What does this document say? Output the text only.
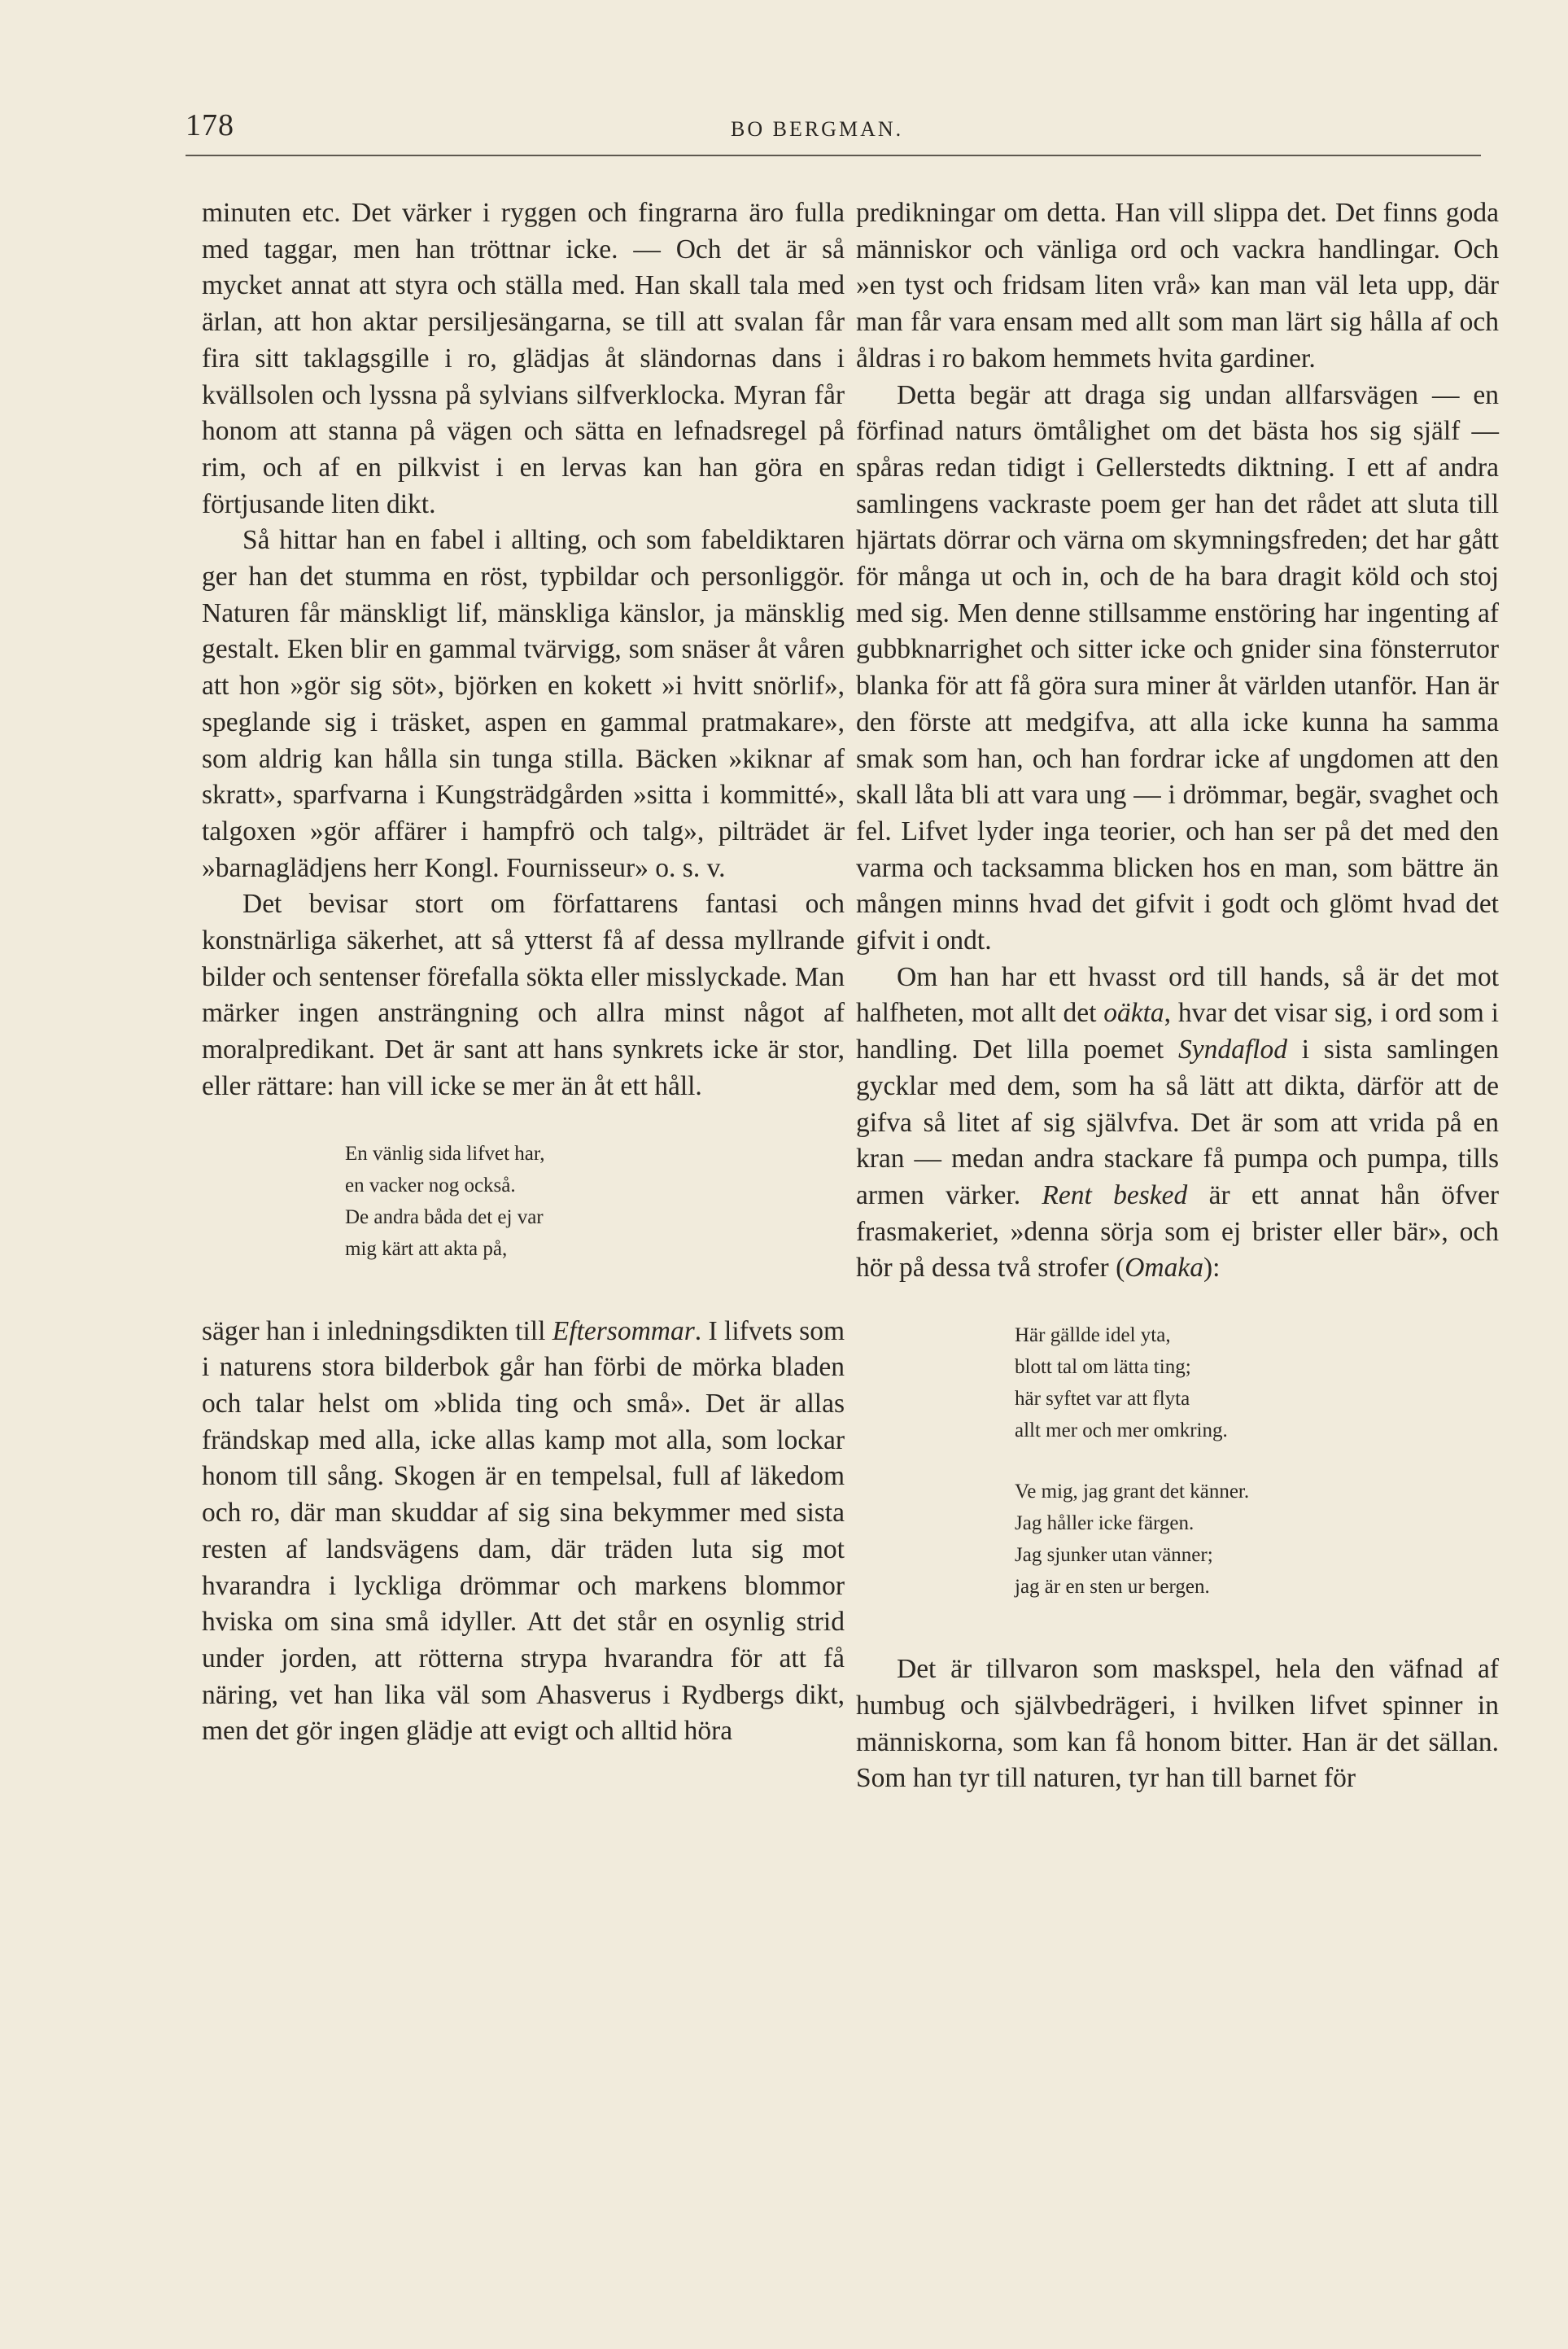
178	BO BERGMAN.

minuten etc. Det värker i ryggen och fingrarna äro fulla med taggar, men han tröttnar icke. — Och det är så mycket annat att styra och ställa med. Han skall tala med ärlan, att hon aktar persiljesängarna, se till att svalan får fira sitt taklagsgille i ro, glädjas åt sländornas dans i kvällsolen och lyssna på sylvians silfverklocka. Myran får honom att stanna på vägen och sätta en lefnadsregel på rim, och af en pilkvist i en lervas kan han göra en förtjusande liten dikt.

Så hittar han en fabel i allting, och som fabeldiktaren ger han det stumma en röst, typbildar och personliggör. Naturen får mänskligt lif, mänskliga känslor, ja mänsklig gestalt. Eken blir en gammal tvärvigg, som snäser åt våren att hon »gör sig söt», björken en kokett »i hvitt snörlif», speglande sig i träsket, aspen en gammal pratmakare», som aldrig kan hålla sin tunga stilla. Bäcken »kiknar af skratt», sparfvarna i Kungsträdgården »sitta i kommitté», talgoxen »gör affärer i hampfrö och talg», pilträdet är »barnaglädjens herr Kongl. Fournisseur» o. s. v.

Det bevisar stort om författarens fantasi och konstnärliga säkerhet, att så ytterst få af dessa myllrande bilder och sentenser förefalla sökta eller misslyckade. Man märker ingen ansträngning och allra minst något af moralpredikant. Det är sant att hans synkrets icke är stor, eller rättare: han vill icke se mer än åt ett håll.

En vänlig sida lifvet har,
en vacker nog också.
De andra båda det ej var
mig kärt att akta på,

säger han i inledningsdikten till Eftersommar. I lifvets som i naturens stora bilderbok går han förbi de mörka bladen och talar helst om »blida ting och små». Det är allas frändskap med alla, icke allas kamp mot alla, som lockar honom till sång. Skogen är en tempelsal, full af läkedom och ro, där man skuddar af sig sina bekymmer med sista resten af landsvägens dam, där träden luta sig mot hvarandra i lyckliga drömmar och markens blommor hviska om sina små idyller. Att det står en osynlig strid under jorden, att rötterna strypa hvarandra för att få näring, vet han lika väl som Ahasverus i Rydbergs dikt, men det gör ingen glädje att evigt och alltid höra

predikningar om detta. Han vill slippa det. Det finns goda människor och vänliga ord och vackra handlingar. Och »en tyst och fridsam liten vrå» kan man väl leta upp, där man får vara ensam med allt som man lärt sig hålla af och åldras i ro bakom hemmets hvita gardiner.

Detta begär att draga sig undan allfarsvägen — en förfinad naturs ömtålighet om det bästa hos sig själf — spåras redan tidigt i Gellerstedts diktning. I ett af andra samlingens vackraste poem ger han det rådet att sluta till hjärtats dörrar och värna om skymningsfreden; det har gått för många ut och in, och de ha bara dragit köld och stoj med sig. Men denne stillsamme enstöring har ingenting af gubbknarrighet och sitter icke och gnider sina fönsterrutor blanka för att få göra sura miner åt världen utanför. Han är den förste att medgifva, att alla icke kunna ha samma smak som han, och han fordrar icke af ungdomen att den skall låta bli att vara ung — i drömmar, begär, svaghet och fel. Lifvet lyder inga teorier, och han ser på det med den varma och tacksamma blicken hos en man, som bättre än mången minns hvad det gifvit i godt och glömt hvad det gifvit i ondt.

Om han har ett hvasst ord till hands, så är det mot halfheten, mot allt det oäkta, hvar det visar sig, i ord som i handling. Det lilla poemet Syndaflod i sista samlingen gycklar med dem, som ha så lätt att dikta, därför att de gifva så litet af sig självfva. Det är som att vrida på en kran — medan andra stackare få pumpa och pumpa, tills armen värker. Rent besked är ett annat hån öfver frasmakeriet, »denna sörja som ej brister eller bär», och hör på dessa två strofer (Omaka):

Här gällde idel yta,
blott tal om lätta ting;
här syftet var att flyta
allt mer och mer omkring.
Ve mig, jag grant det känner.
Jag håller icke färgen.
Jag sjunker utan vänner;
jag är en sten ur bergen.

Det är tillvaron som maskspel, hela den väfnad af humbug och självbedrägeri, i hvilken lifvet spinner in människorna, som kan få honom bitter. Han är det sällan. Som han tyr till naturen, tyr han till barnet för
